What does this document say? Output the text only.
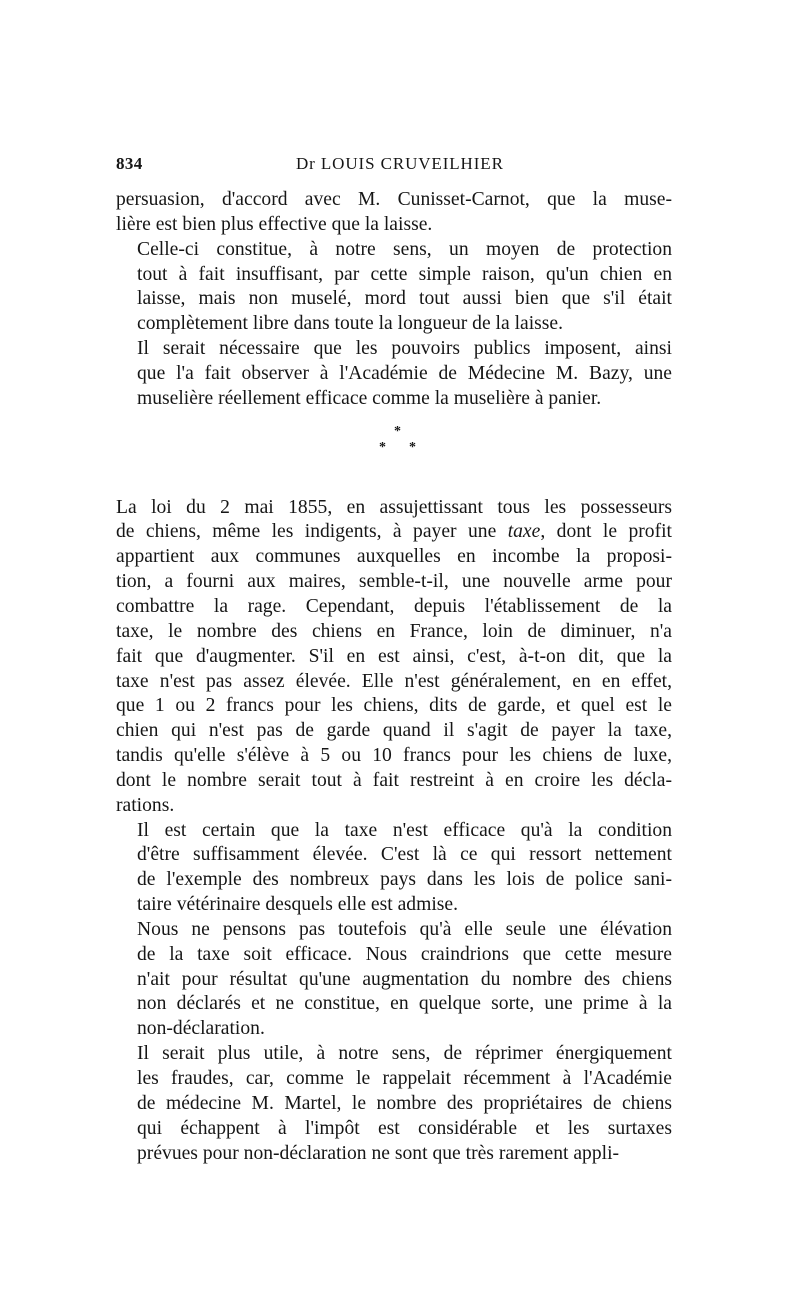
834	Dr LOUIS CRUVEILHIER

persuasion, d'accord avec M. Cunisset-Carnot, que la muse-
lière est bien plus effective que la laisse.

Celle-ci constitue, à notre sens, un moyen de protection
tout à fait insuffisant, par cette simple raison, qu'un chien en
laisse, mais non muselé, mord tout aussi bien que s'il était
complètement libre dans toute la longueur de la laisse.

Il serait nécessaire que les pouvoirs publics imposent, ainsi
que l'a fait observer à l'Académie de Médecine M. Bazy, une
muselière réellement efficace comme la muselière à panier.

*
* *

La loi du 2 mai 1855, en assujettissant tous les possesseurs
de chiens, même les indigents, à payer une taxe, dont le profit
appartient aux communes auxquelles en incombe la proposi-
tion, a fourni aux maires, semble-t-il, une nouvelle arme pour
combattre la rage. Cependant, depuis l'établissement de la
taxe, le nombre des chiens en France, loin de diminuer, n'a
fait que d'augmenter. S'il en est ainsi, c'est, à-t-on dit, que la
taxe n'est pas assez élevée. Elle n'est généralement, en en effet,
que 1 ou 2 francs pour les chiens, dits de garde, et quel est le
chien qui n'est pas de garde quand il s'agit de payer la taxe,
tandis qu'elle s'élève à 5 ou 10 francs pour les chiens de luxe,
dont le nombre serait tout à fait restreint à en croire les décla-
rations.

Il est certain que la taxe n'est efficace qu'à la condition
d'être suffisamment élevée. C'est là ce qui ressort nettement
de l'exemple des nombreux pays dans les lois de police sani-
taire vétérinaire desquels elle est admise.

Nous ne pensons pas toutefois qu'à elle seule une élévation
de la taxe soit efficace. Nous craindrions que cette mesure
n'ait pour résultat qu'une augmentation du nombre des chiens
non déclarés et ne constitue, en quelque sorte, une prime à la
non-déclaration.

Il serait plus utile, à notre sens, de réprimer énergiquement
les fraudes, car, comme le rappelait récemment à l'Académie
de médecine M. Martel, le nombre des propriétaires de chiens
qui échappent à l'impôt est considérable et les surtaxes
prévues pour non-déclaration ne sont que très rarement appli-
